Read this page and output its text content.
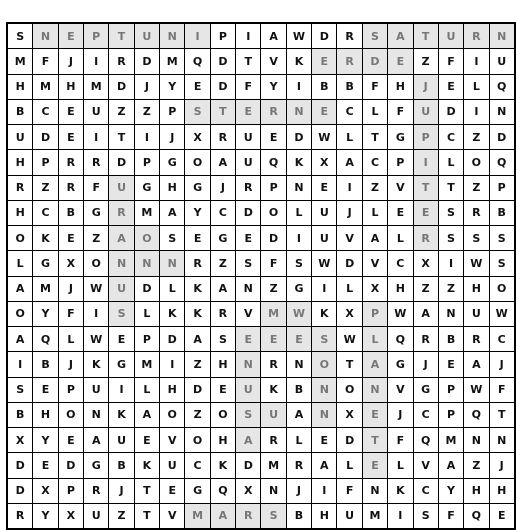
S	N	E	P	T	U	N	I	P	I	A	W	D	R	S	A	T	U	R	N
M	F	J	I	R	D	M	Q	D	T	V	K	E	R	D	E	Z	F	I	U
H	M	H	M	D	J	Y	E	D	F	Y	I	B	B	F	H	J	E	L	Q
B	C	E	U	Z	Z	P	S	T	E	R	N	E	C	L	F	U	D	I	N
U	D	E	I	T	I	J	X	R	U	E	D	W	L	T	G	P	C	Z	D
H	P	R	R	D	P	G	O	A	U	Q	K	X	A	C	P	I	L	O	Q
R	Z	R	F	U	G	H	G	J	R	P	N	E	I	Z	V	T	T	Z	P
H	C	B	G	R	M	A	Y	C	D	O	L	U	J	L	E	E	S	R	B
O	K	E	Z	A	O	S	E	G	E	D	I	U	V	A	L	R	S	S	S
L	G	X	O	N	N	N	R	Z	S	F	S	W	D	V	C	X	I	W	S
A	M	J	W	U	D	L	K	A	N	Z	G	I	L	X	H	Z	Z	H	O
O	Y	F	I	S	L	K	K	R	V	M	W	K	X	P	W	A	N	U	W
A	Q	L	W	E	P	D	A	S	E	E	E	S	W	L	Q	R	B	R	C
I	B	J	K	G	M	I	Z	H	N	R	N	O	T	A	G	J	E	A	J
S	E	P	U	I	L	H	D	E	U	K	B	N	O	N	V	G	P	W	F
B	H	O	N	K	A	O	Z	O	S	U	A	N	X	E	J	C	P	Q	T
X	Y	E	A	U	E	V	O	H	A	R	L	E	D	T	F	Q	M	N	N
D	E	D	G	B	K	U	C	K	D	M	R	A	L	E	L	V	A	Z	J
D	X	P	R	J	T	E	G	Q	X	N	J	I	F	N	K	C	Y	H	H
R	Y	X	U	Z	T	V	M	A	R	S	B	H	U	M	I	S	F	Q	E
